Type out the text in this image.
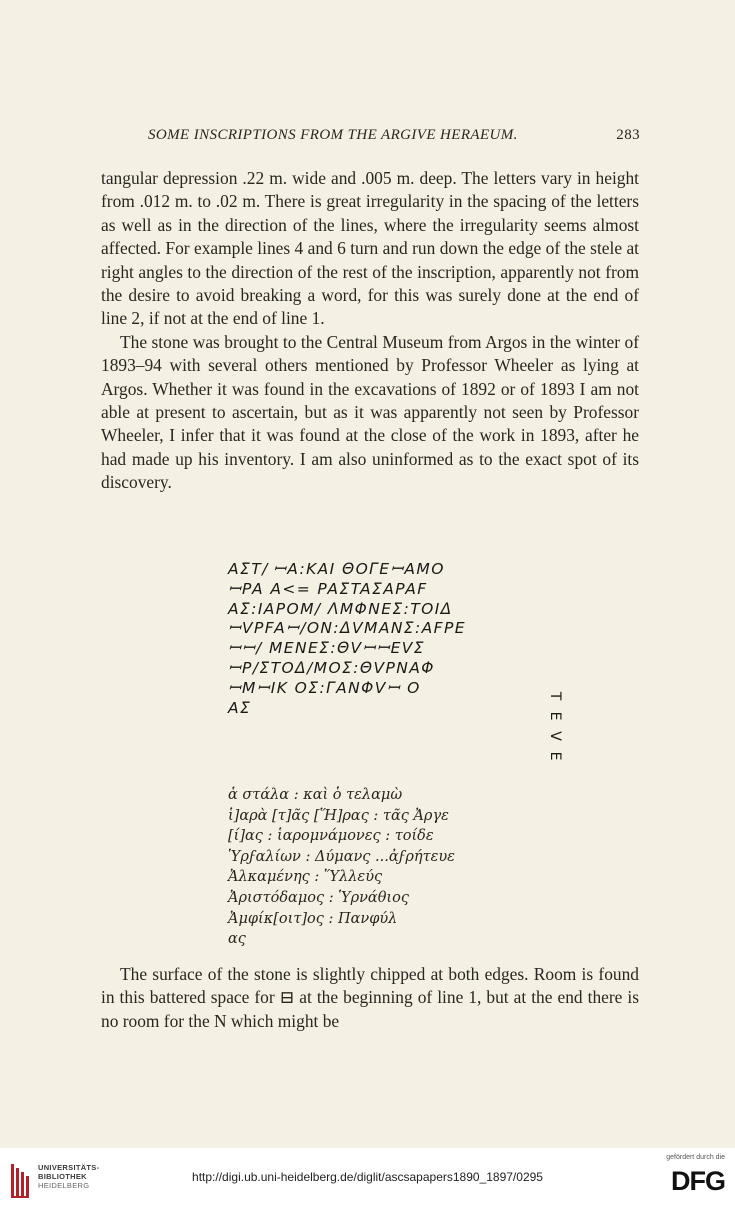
SOME INSCRIPTIONS FROM THE ARGIVE HERAEUM.	283

tangular depression .22 m. wide and .005 m. deep. The letters vary in height from .012 m. to .02 m. There is great irregularity in the spacing of the letters as well as in the direction of the lines, where the irregularity seems almost affected. For example lines 4 and 6 turn and run down the edge of the stele at right angles to the direction of the rest of the inscription, apparently not from the desire to avoid breaking a word, for this was surely done at the end of line 2, if not at the end of line 1.

The stone was brought to the Central Museum from Argos in the winter of 1893–94 with several others mentioned by Professor Wheeler as lying at Argos. Whether it was found in the excavations of 1892 or of 1893 I am not able at present to ascertain, but as it was apparently not seen by Professor Wheeler, I infer that it was found at the close of the work in 1893, after he had made up his inventory. I am also uninformed as to the exact spot of its discovery.

AΣT/ ꟷA:KAI ΘOΓEꟷAMO
ꟷPA A<= PAΣTAΣAPAF
AΣ:IAPOM/ ΛMΦNEΣ:TOIΔ
ꟷVPFAꟷ/ON:ΔVMANΣ:AFPE
ꟷꟷ/ MENEΣ:ΘVꟷꟷEVΣ
ꟷP/ΣTOΔ/MOΣ:ΘVPNAΦ
ꟷMꟷIK OΣ:ΓANΦVꟷ O
AΣ
T
E
V
E
ἁ στάλα : καὶ ὁ τελαμὼ
ἱ]αρὰ [τ]ᾶς [Ἥ]ρας : τᾶς Ἀργε
[ί]ας : ἱαρομνάμονες : τοίδε
Ὑρϝαλίων : Δύμανς ...ἀϝρήτευε
Ἀλκαμένης : Ὕλλεύς
Ἀριστόδαμος : Ὑρνάθιος
Ἀμφίκ[οιτ]ος : Πανφύλ
ας

The surface of the stone is slightly chipped at both edges. Room is found in this battered space for ⊟ at the beginning of line 1, but at the end there is no room for the N which might be

UNIVERSITÄTS-
BIBLIOTHEK
HEIDELBERG
http://digi.ub.uni-heidelberg.de/diglit/ascsapapers1890_1897/0295
gefördert durch die
DFG
